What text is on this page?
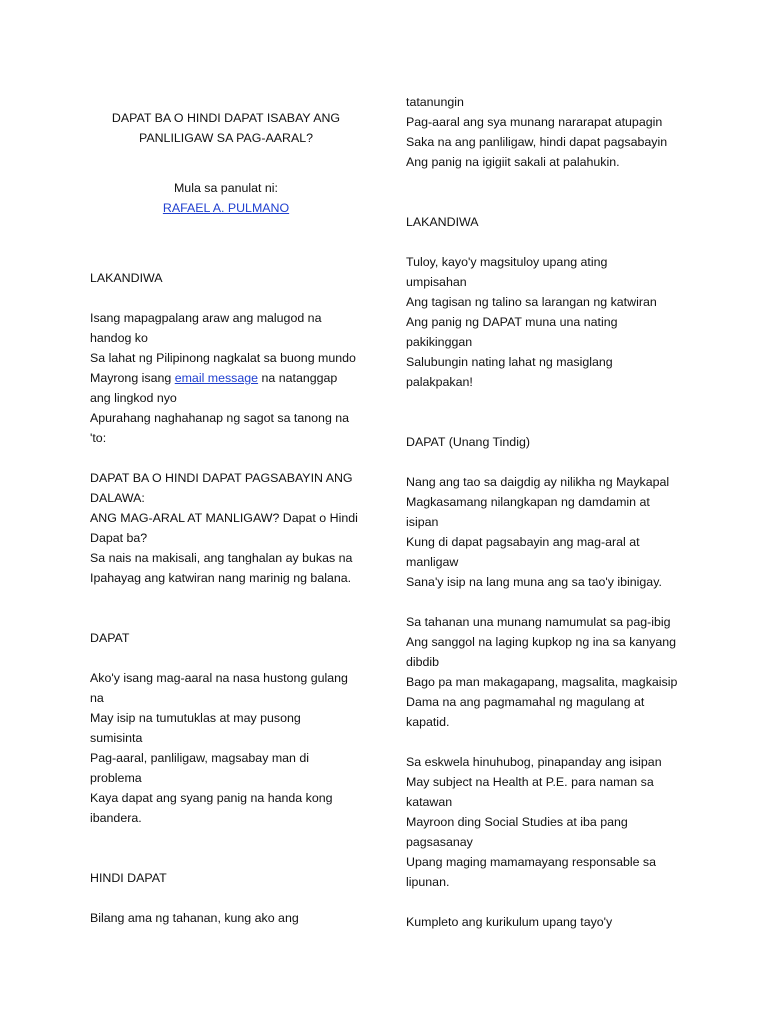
DAPAT BA O HINDI DAPAT ISABAY ANG
PANLILIGAW SA PAG-AARAL?
Mula sa panulat ni:
RAFAEL A. PULMANO
LAKANDIWA
Isang mapagpalang araw ang malugod na
handog ko
Sa lahat ng Pilipinong nagkalat sa buong mundo
Mayrong isang email message na natanggap
ang lingkod nyo
Apurahang naghahanap ng sagot sa tanong na
'to:
DAPAT BA O HINDI DAPAT PAGSABAYIN ANG
DALAWA:
ANG MAG-ARAL AT MANLIGAW? Dapat o Hindi
Dapat ba?
Sa nais na makisali, ang tanghalan ay bukas na
Ipahayag ang katwiran nang marinig ng balana.
DAPAT
Ako'y isang mag-aaral na nasa hustong gulang
na
May isip na tumutuklas at may pusong
sumisinta
Pag-aaral, panliligaw, magsabay man di
problema
Kaya dapat ang syang panig na handa kong
ibandera.
HINDI DAPAT
Bilang ama ng tahanan, kung ako ang
tatanungin
Pag-aaral ang sya munang nararapat atupagin
Saka na ang panliligaw, hindi dapat pagsabayin
Ang panig na igigiit sakali at palahukin.
LAKANDIWA
Tuloy, kayo'y magsituloy upang ating
umpisahan
Ang tagisan ng talino sa larangan ng katwiran
Ang panig ng DAPAT muna una nating
pakikinggan
Salubungin nating lahat ng masiglang
palakpakan!
DAPAT (Unang Tindig)
Nang ang tao sa daigdig ay nilikha ng Maykapal
Magkasamang nilangkapan ng damdamin at
isipan
Kung di dapat pagsabayin ang mag-aral at
manligaw
Sana'y isip na lang muna ang sa tao'y ibinigay.
Sa tahanan una munang namumulat sa pag-ibig
Ang sanggol na laging kupkop ng ina sa kanyang
dibdib
Bago pa man makagapang, magsalita, magkaisip
Dama na ang pagmamahal ng magulang at
kapatid.
Sa eskwela hinuhubog, pinapanday ang isipan
May subject na Health at P.E. para naman sa
katawan
Mayroon ding Social Studies at iba pang
pagsasanay
Upang maging mamamayang responsable sa
lipunan.
Kumpleto ang kurikulum upang tayo'y
